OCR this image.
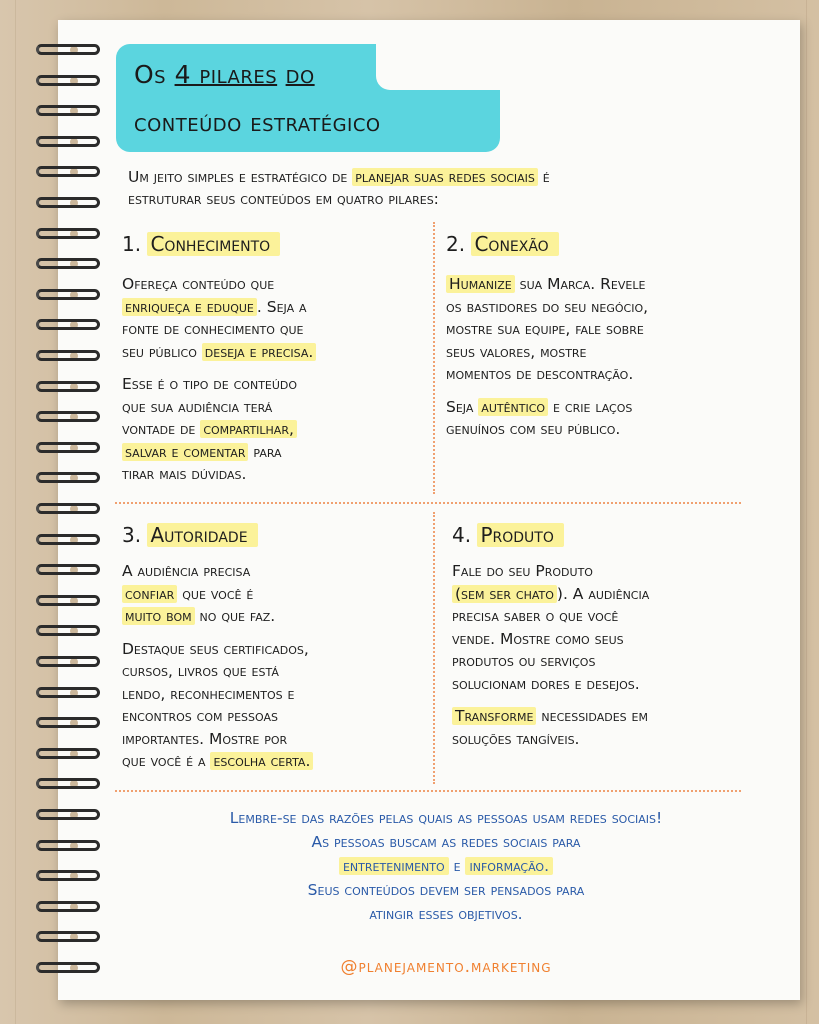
Os 4 pilares do
conteúdo estratégico
Um jeito simples e estratégico de planejar suas redes sociais é
estruturar seus conteúdos em quatro pilares:
1. Conhecimento
Ofereça conteúdo que
enriqueça e eduque . Seja a
fonte de conhecimento que
seu público deseja e precisa.
Esse é o tipo de conteúdo
que sua audiência terá
vontade de compartilhar,
salvar e comentar para
tirar mais dúvidas.
2. Conexão
Humanize sua Marca. Revele
os bastidores do seu negócio,
mostre sua equipe, fale sobre
seus valores, mostre
momentos de descontração.
Seja autêntico e crie laços
genuínos com seu público.
3. Autoridade
A audiência precisa
confiar que você é
muito bom no que faz.
Destaque seus certificados,
cursos, livros que está
lendo, reconhecimentos e
encontros com pessoas
importantes. Mostre por
que você é a escolha certa.
4. Produto
Fale do seu Produto
(sem ser chato ). A audiência
precisa saber o que você
vende. Mostre como seus
produtos ou serviços
solucionam dores e desejos.
Transforme necessidades em
soluções tangíveis.
Lembre-se das razões pelas quais as pessoas usam redes sociais!
As pessoas buscam as redes sociais para
entretenimento e informação.
Seus conteúdos devem ser pensados para
atingir esses objetivos.
@planejamento.marketing
